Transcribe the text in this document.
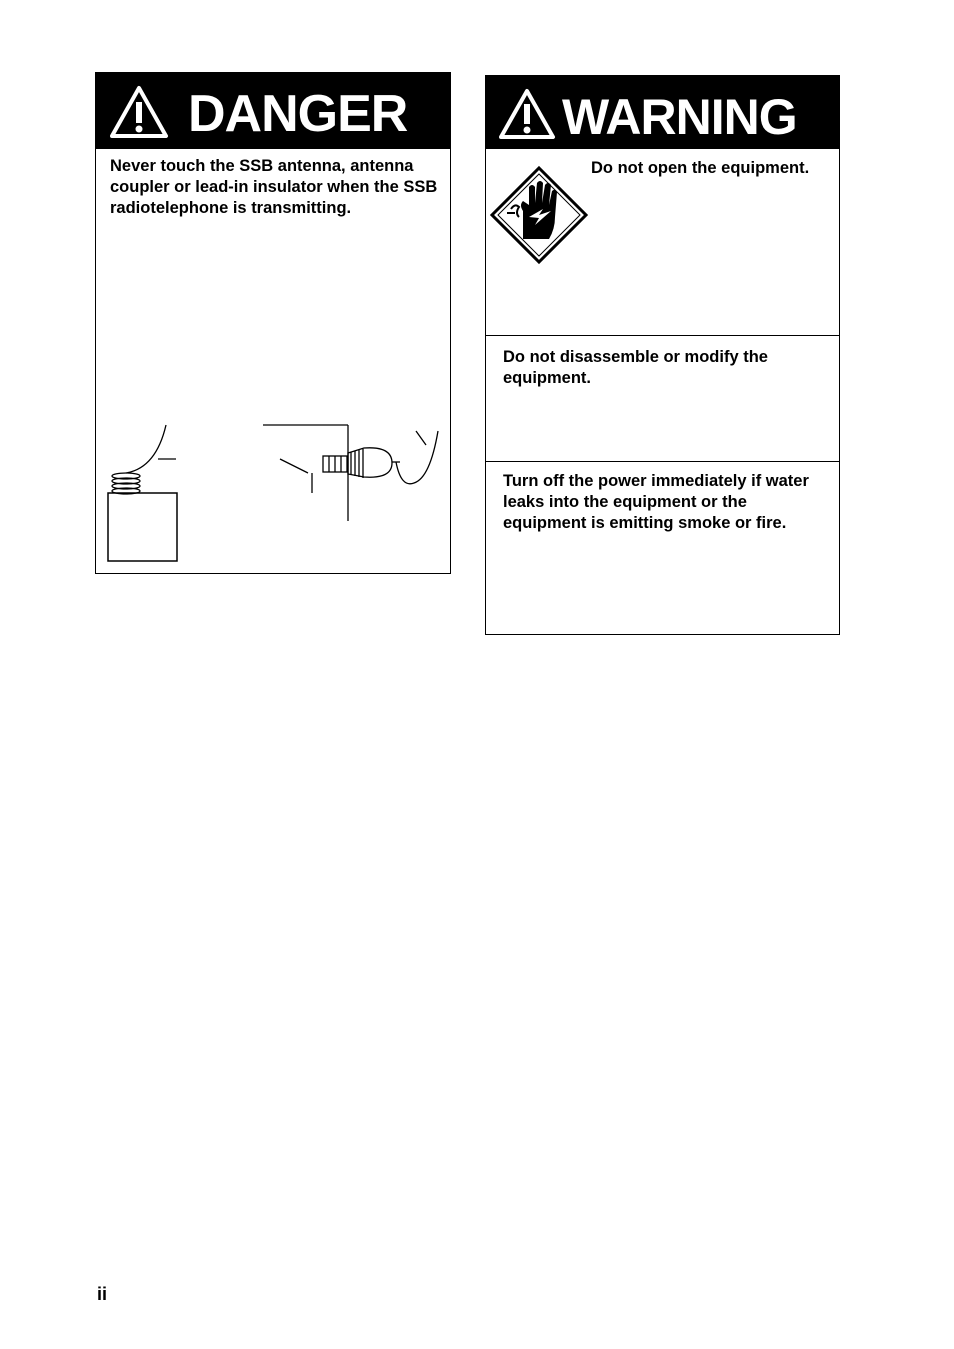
DANGER
Never touch the SSB antenna, antenna coupler or lead-in insulator when the SSB radiotelephone is transmitting.
WARNING
Do not open the equipment.
Do not disassemble or modify the equipment.
Turn off the power immediately if water leaks into the equipment or the equipment is emitting smoke or fire.
ii
